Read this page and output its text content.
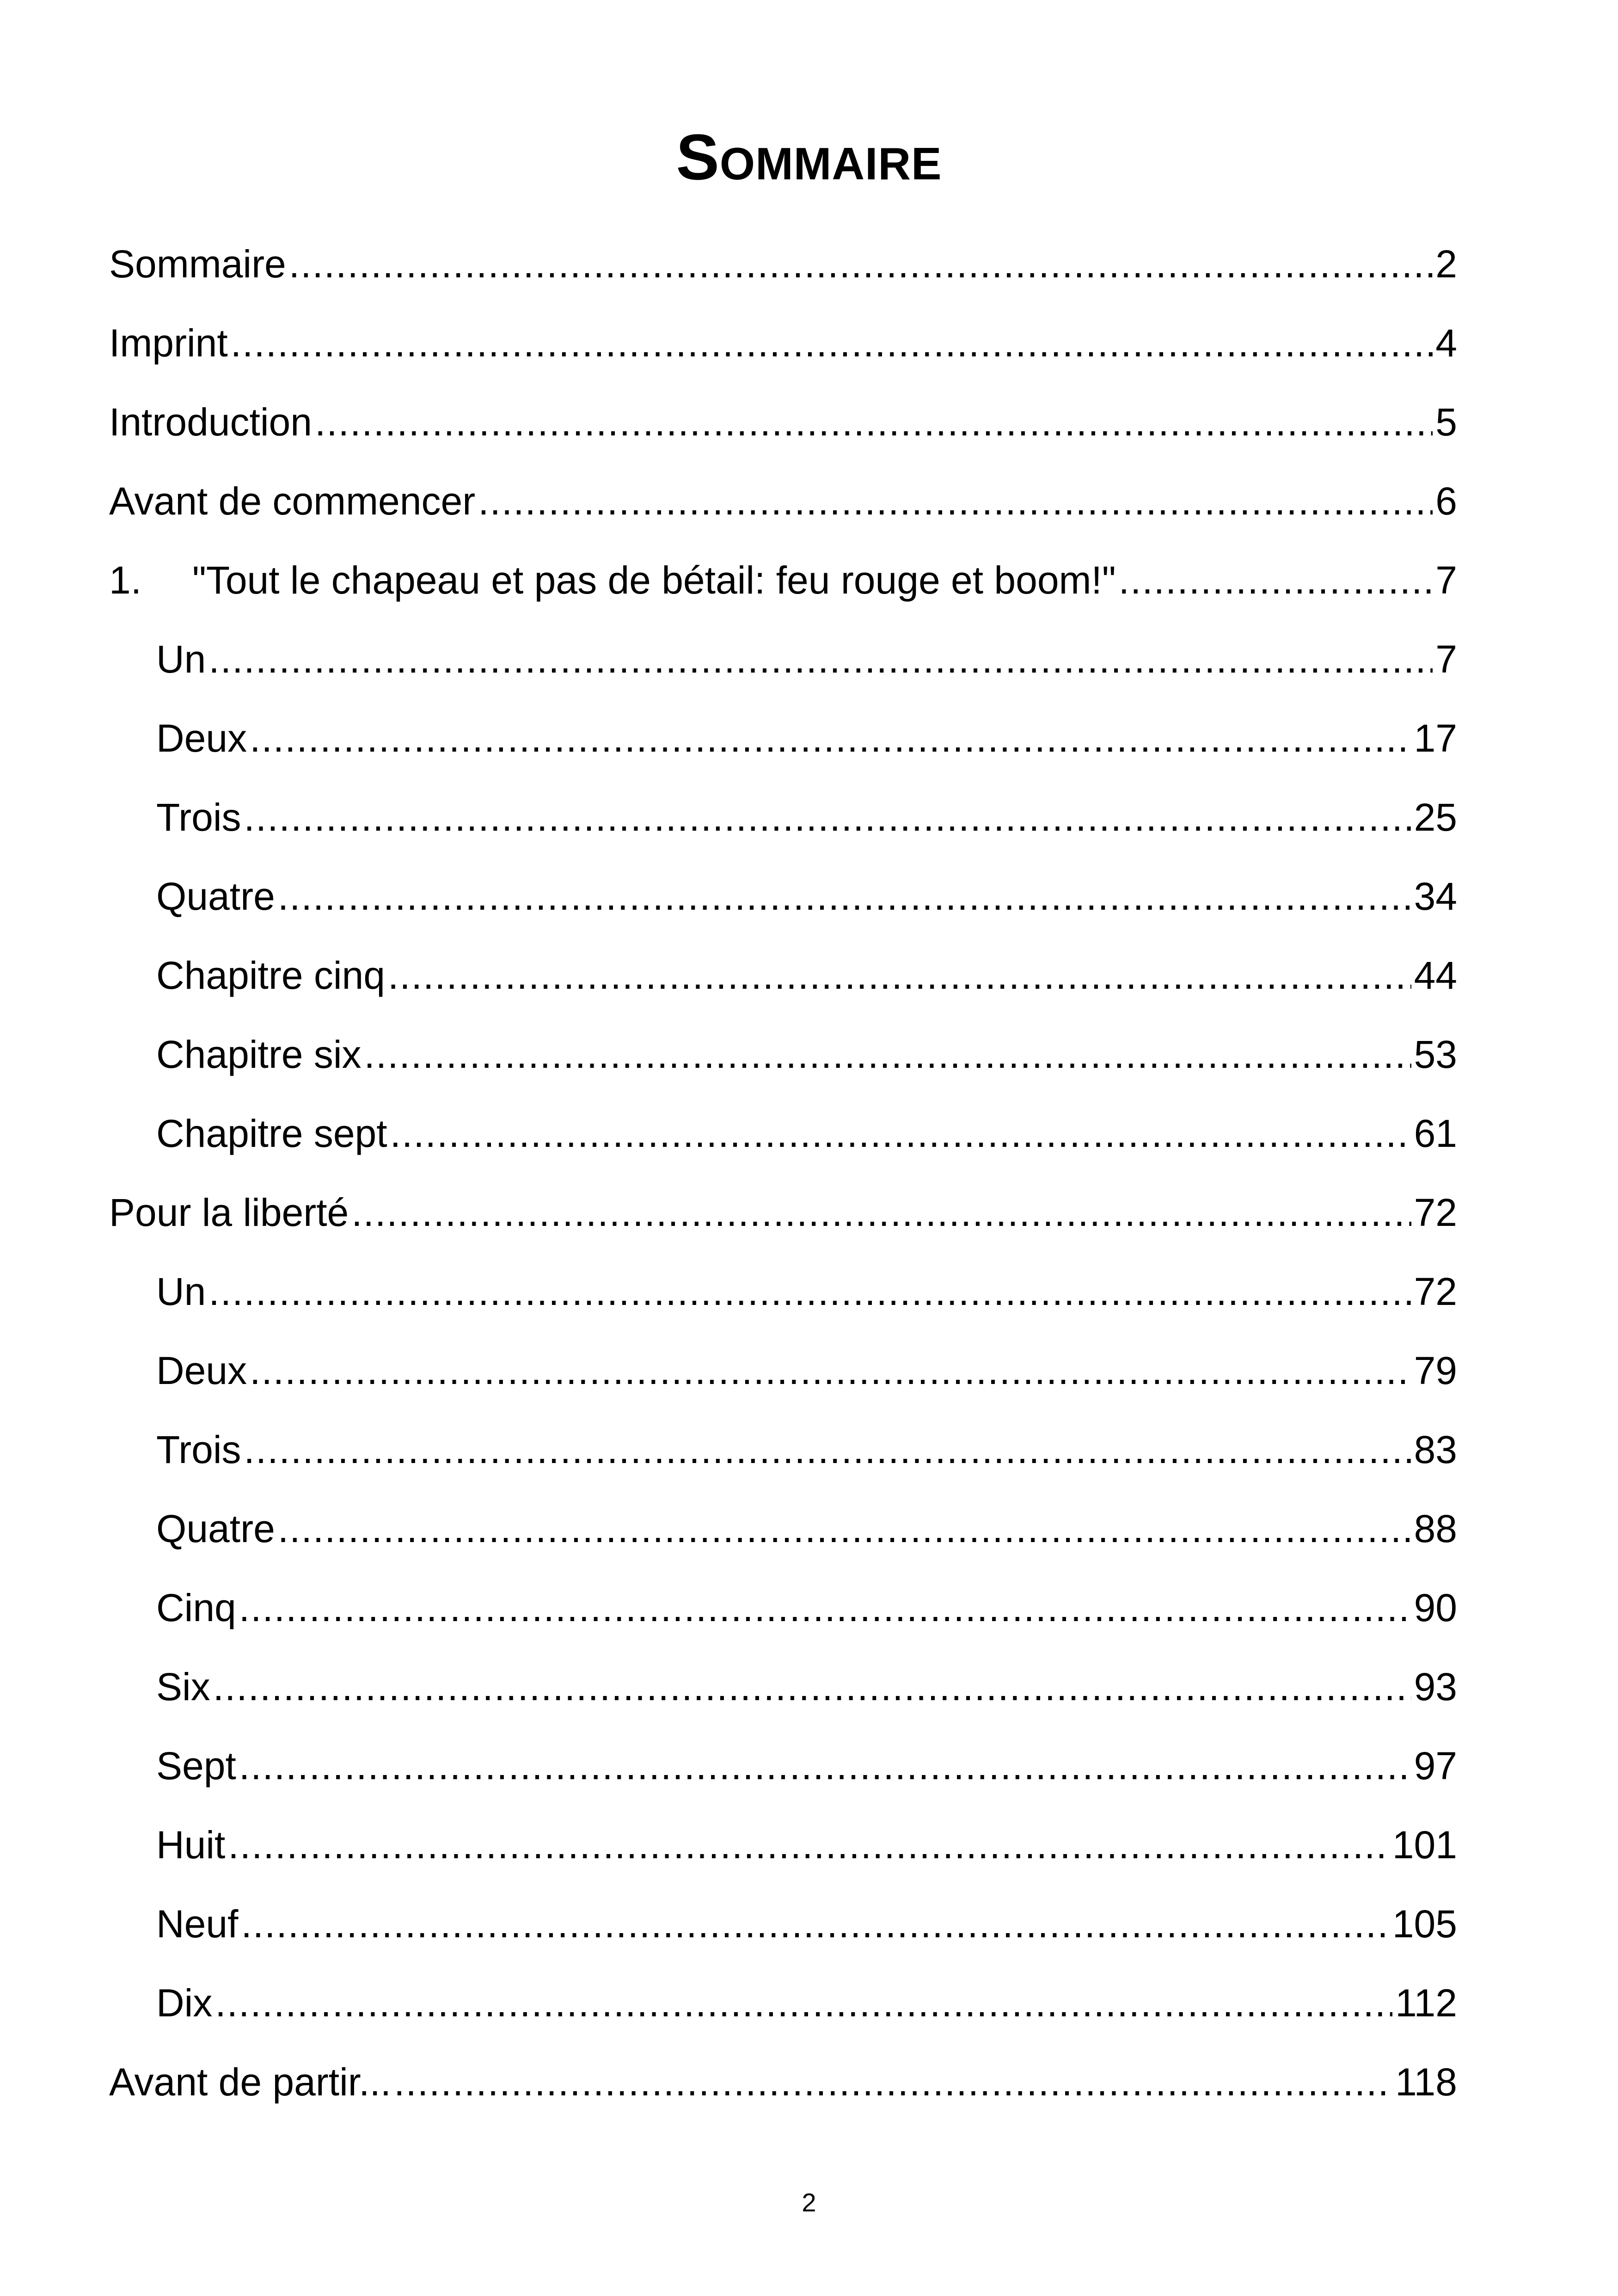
Sommaire
Sommaire .....	2
Imprint .....	4
Introduction .....	5
Avant de commencer .....	6
1.	"Tout le chapeau et pas de bétail: feu rouge et boom!" .....	7
Un .....	7
Deux .....	17
Trois .....	25
Quatre .....	34
Chapitre cinq .....	44
Chapitre six .....	53
Chapitre sept .....	61
Pour la liberté .....	72
Un .....	72
Deux .....	79
Trois .....	83
Quatre .....	88
Cinq .....	90
Six .....	93
Sept .....	97
Huit .....	101
Neuf .....	105
Dix .....	112
Avant de partir... .....	118
2
